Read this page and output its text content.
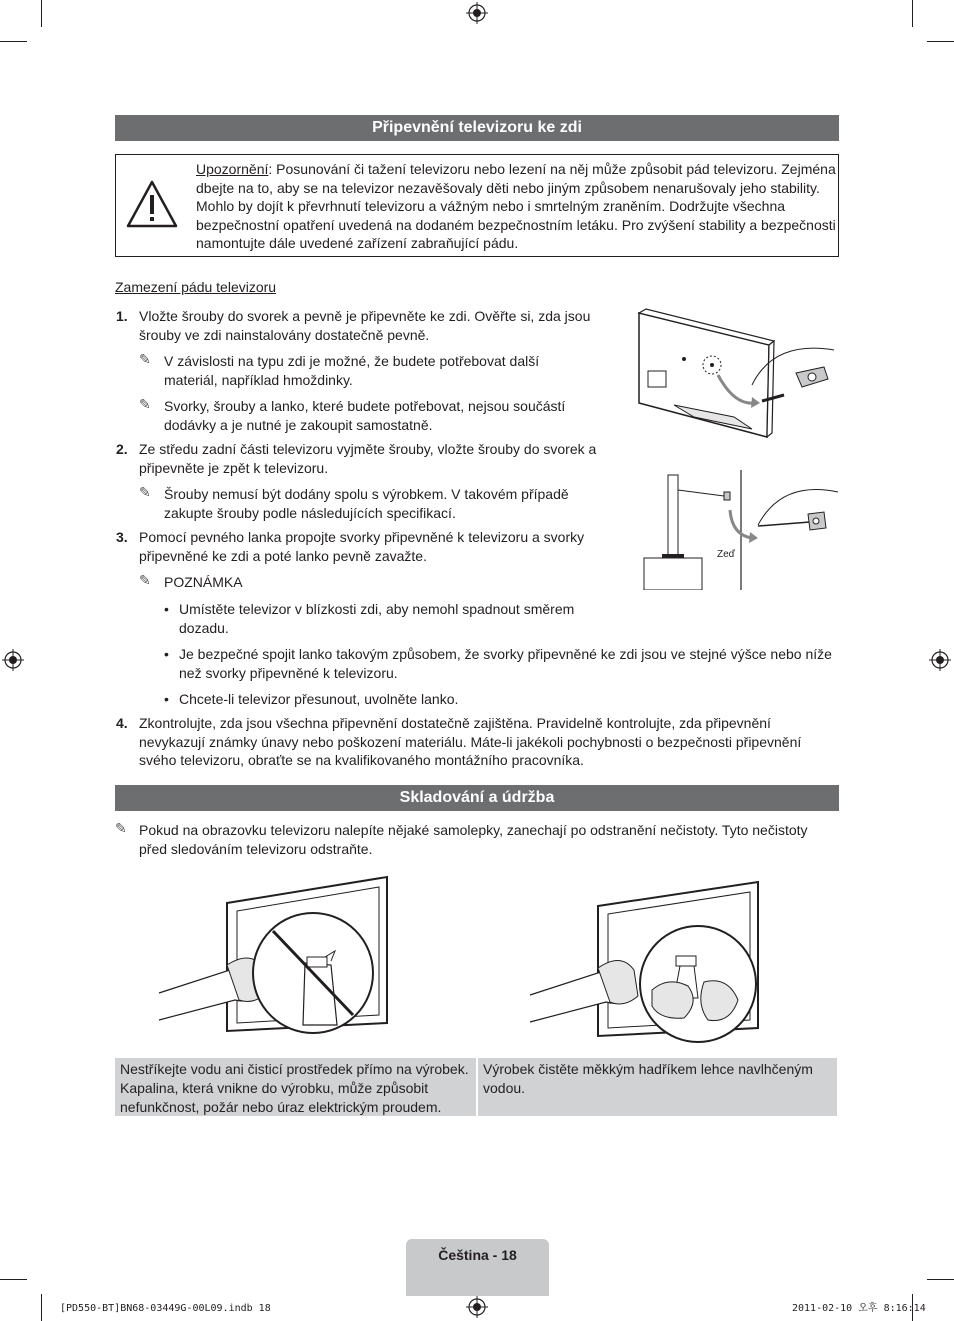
Připevnění televizoru ke zdi
Upozornění: Posunování či tažení televizoru nebo lezení na něj může způsobit pád televizoru. Zejména dbejte na to, aby se na televizor nezavěšovaly děti nebo jiným způsobem nenarušovaly jeho stability. Mohlo by dojít k převrhnutí televizoru a vážným nebo i smrtelným zraněním. Dodržujte všechna bezpečnostní opatření uvedená na dodaném bezpečnostním letáku. Pro zvýšení stability a bezpečnosti namontujte dále uvedené zařízení zabraňující pádu.
Zamezení pádu televizoru
1. Vložte šrouby do svorek a pevně je připevněte ke zdi. Ověřte si, zda jsou šrouby ve zdi nainstalovány dostatečně pevně.
✎ V závislosti na typu zdi je možné, že budete potřebovat další materiál, například hmoždinky.
✎ Svorky, šrouby a lanko, které budete potřebovat, nejsou součástí dodávky a je nutné je zakoupit samostatně.
2. Ze středu zadní části televizoru vyjměte šrouby, vložte šrouby do svorek a připevněte je zpět k televizoru.
✎ Šrouby nemusí být dodány spolu s výrobkem. V takovém případě zakupte šrouby podle následujících specifikací.
3. Pomocí pevného lanka propojte svorky připevněné k televizoru a svorky připevněné ke zdi a poté lanko pevně zavažte.
✎ POZNÁMKA
• Umístěte televizor v blízkosti zdi, aby nemohl spadnout směrem dozadu.
• Je bezpečné spojit lanko takovým způsobem, že svorky připevněné ke zdi jsou ve stejné výšce nebo níže než svorky připevněné k televizoru.
• Chcete-li televizor přesunout, uvolněte lanko.
4. Zkontrolujte, zda jsou všechna připevnění dostatečně zajištěna. Pravidelně kontrolujte, zda připevnění nevykazují známky únavy nebo poškození materiálu. Máte-li jakékoli pochybnosti o bezpečnosti připevnění svého televizoru, obraťte se na kvalifikovaného montážního pracovníka.
Zeď
Skladování a údržba
✎ Pokud na obrazovku televizoru nalepíte nějaké samolepky, zanechají po odstranění nečistoty. Tyto nečistoty před sledováním televizoru odstraňte.
Nestříkejte vodu ani čisticí prostředek přímo na výrobek. Kapalina, která vnikne do výrobku, může způsobit nefunkčnost, požár nebo úraz elektrickým proudem.
Výrobek čistěte měkkým hadříkem lehce navlhčeným vodou.
Čeština - 18
[PD550-BT]BN68-03449G-00L09.indb 18	2011-02-10 오후 8:16:14
